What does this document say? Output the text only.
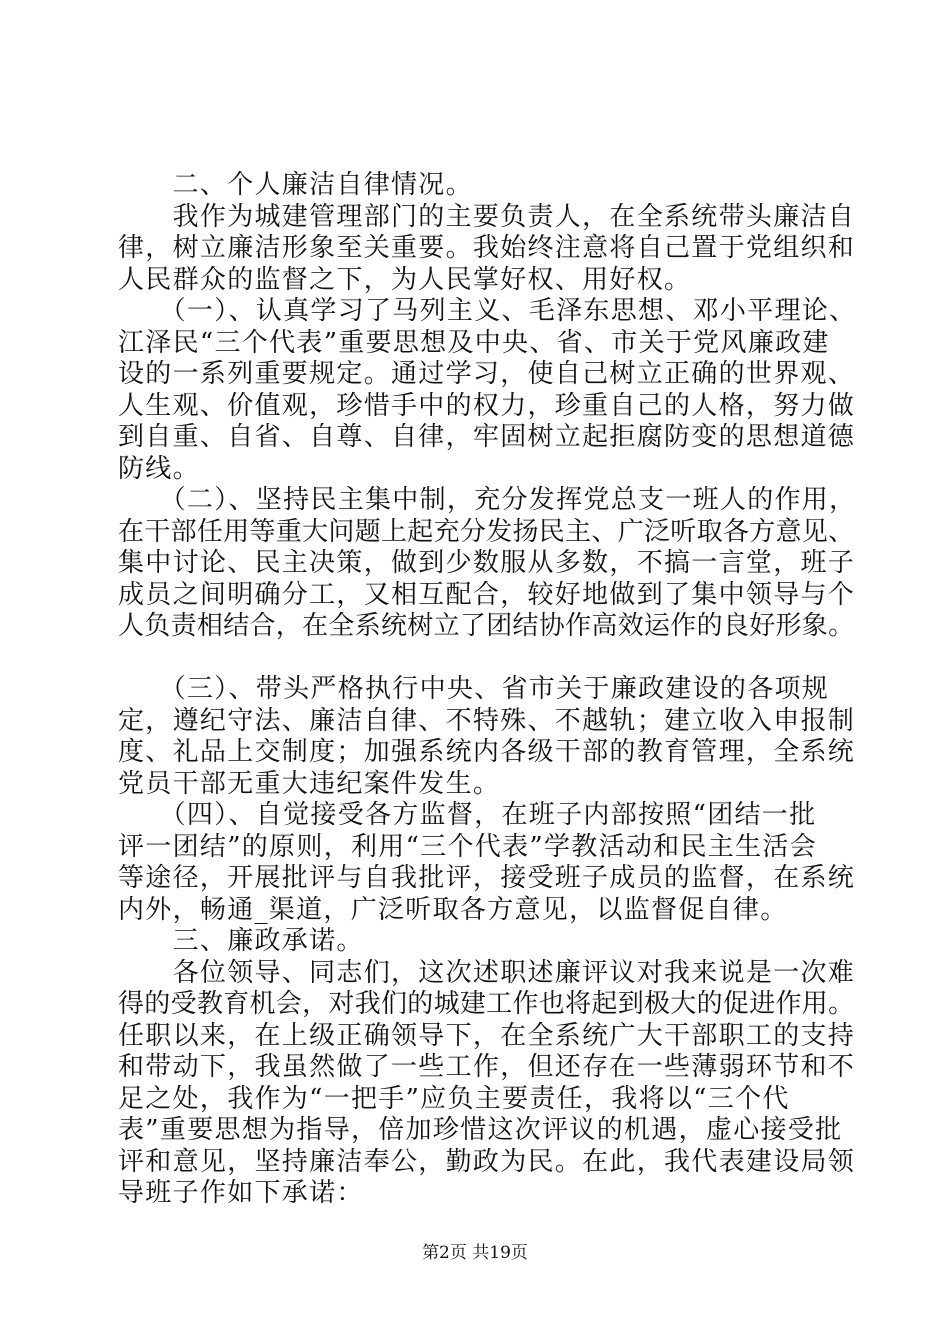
　　二、个人廉洁自律情况。
　　我作为城建管理部门的主要负责人，在全系统带头廉洁自
律，树立廉洁形象至关重要。我始终注意将自己置于党组织和
人民群众的监督之下，为人民掌好权、用好权。
　　（一）、认真学习了马列主义、毛泽东思想、邓小平理论、
江泽民“三个代表”重要思想及中央、省、市关于党风廉政建
设的一系列重要规定。通过学习，使自己树立正确的世界观、
人生观、价值观，珍惜手中的权力，珍重自己的人格，努力做
到自重、自省、自尊、自律，牢固树立起拒腐防变的思想道德
防线。
　　（二）、坚持民主集中制，充分发挥党总支一班人的作用，
在干部任用等重大问题上起充分发扬民主、广泛听取各方意见、
集中讨论、民主决策，做到少数服从多数，不搞一言堂，班子
成员之间明确分工，又相互配合，较好地做到了集中领导与个
人负责相结合，在全系统树立了团结协作高效运作的良好形象。
　　（三）、带头严格执行中央、省市关于廉政建设的各项规
定，遵纪守法、廉洁自律、不特殊、不越轨；建立收入申报制
度、礼品上交制度；加强系统内各级干部的教育管理，全系统
党员干部无重大违纪案件发生。
　　（四）、自觉接受各方监督，在班子内部按照“团结一批
评一团结”的原则，利用“三个代表”学教活动和民主生活会
等途径，开展批评与自我批评，接受班子成员的监督，在系统
内外，畅通_渠道，广泛听取各方意见，以监督促自律。
　　三、廉政承诺。
　　各位领导、同志们，这次述职述廉评议对我来说是一次难
得的受教育机会，对我们的城建工作也将起到极大的促进作用。
任职以来，在上级正确领导下，在全系统广大干部职工的支持
和带动下，我虽然做了一些工作，但还存在一些薄弱环节和不
足之处，我作为“一把手”应负主要责任，我将以“三个代
表”重要思想为指导，倍加珍惜这次评议的机遇，虚心接受批
评和意见，坚持廉洁奉公，勤政为民。在此，我代表建设局领
导班子作如下承诺：
第2页 共19页
